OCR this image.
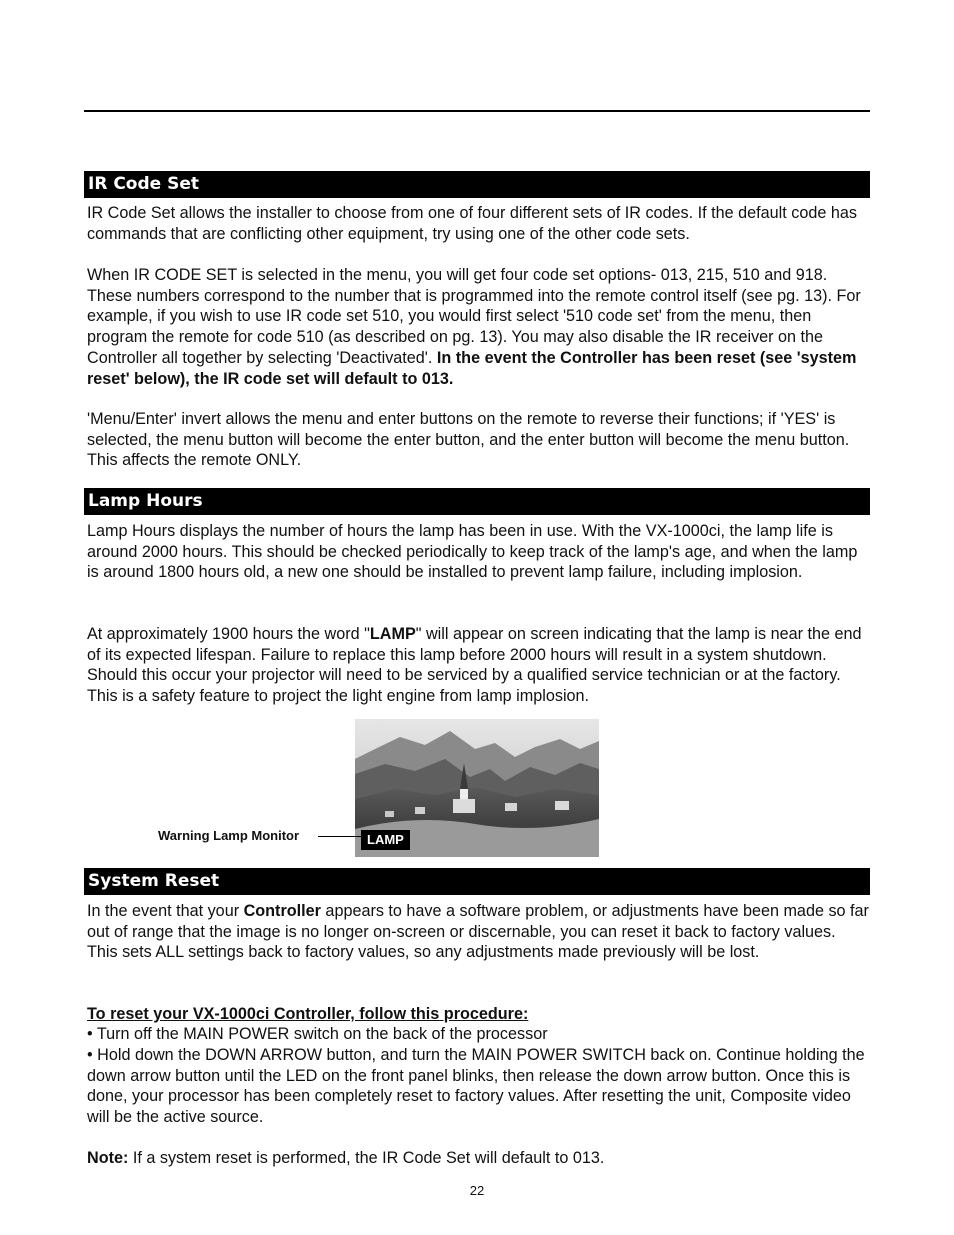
IR Code Set

IR Code Set allows the installer to choose from one of four different sets of IR codes. If the default code has commands that are conflicting other equipment, try using one of the other code sets.

When IR CODE SET is selected in the menu, you will get four code set options- 013, 215, 510 and 918. These numbers correspond to the number that is programmed into the remote control itself (see pg. 13). For example, if you wish to use IR code set 510, you would first select '510 code set' from the menu, then program the remote for code 510 (as described on pg. 13). You may also disable the IR receiver on the Controller all together by selecting 'Deactivated'. In the event the Controller has been reset (see 'system reset' below), the IR code set will default to 013.

'Menu/Enter' invert allows the menu and enter buttons on the remote to reverse their functions; if 'YES' is selected, the menu button will become the enter button, and the enter button will become the menu button. This affects the remote ONLY.

Lamp Hours

Lamp Hours displays the number of hours the lamp has been in use. With the VX-1000ci, the lamp life is around 2000 hours. This should be checked periodically to keep track of the lamp's age, and when the lamp is around 1800 hours old, a new one should be installed to prevent lamp failure, including implosion.

At approximately 1900 hours the word "LAMP" will appear on screen indicating that the lamp is near the end of its expected lifespan. Failure to replace this lamp before 2000 hours will result in a system shutdown. Should this occur your projector will need to be serviced by a qualified service technician or at the factory. This is a safety feature to project the light engine from lamp implosion.

LAMP
Warning Lamp Monitor
System Reset

In the event that your Controller appears to have a software problem, or adjustments have been made so far out of range that the image is no longer on-screen or discernable, you can reset it back to factory values. This sets ALL settings back to factory values, so any adjustments made previously will be lost.

To reset your VX-1000ci Controller, follow this procedure:

• Turn off the MAIN POWER switch on the back of the processor

• Hold down the DOWN ARROW button, and turn the MAIN POWER SWITCH back on. Continue holding the down arrow button until the LED on the front panel blinks, then release the down arrow button. Once this is done, your processor has been completely reset to factory values. After resetting the unit, Composite video will be the active source.

Note: If a system reset is performed, the IR Code Set will default to 013.

22
